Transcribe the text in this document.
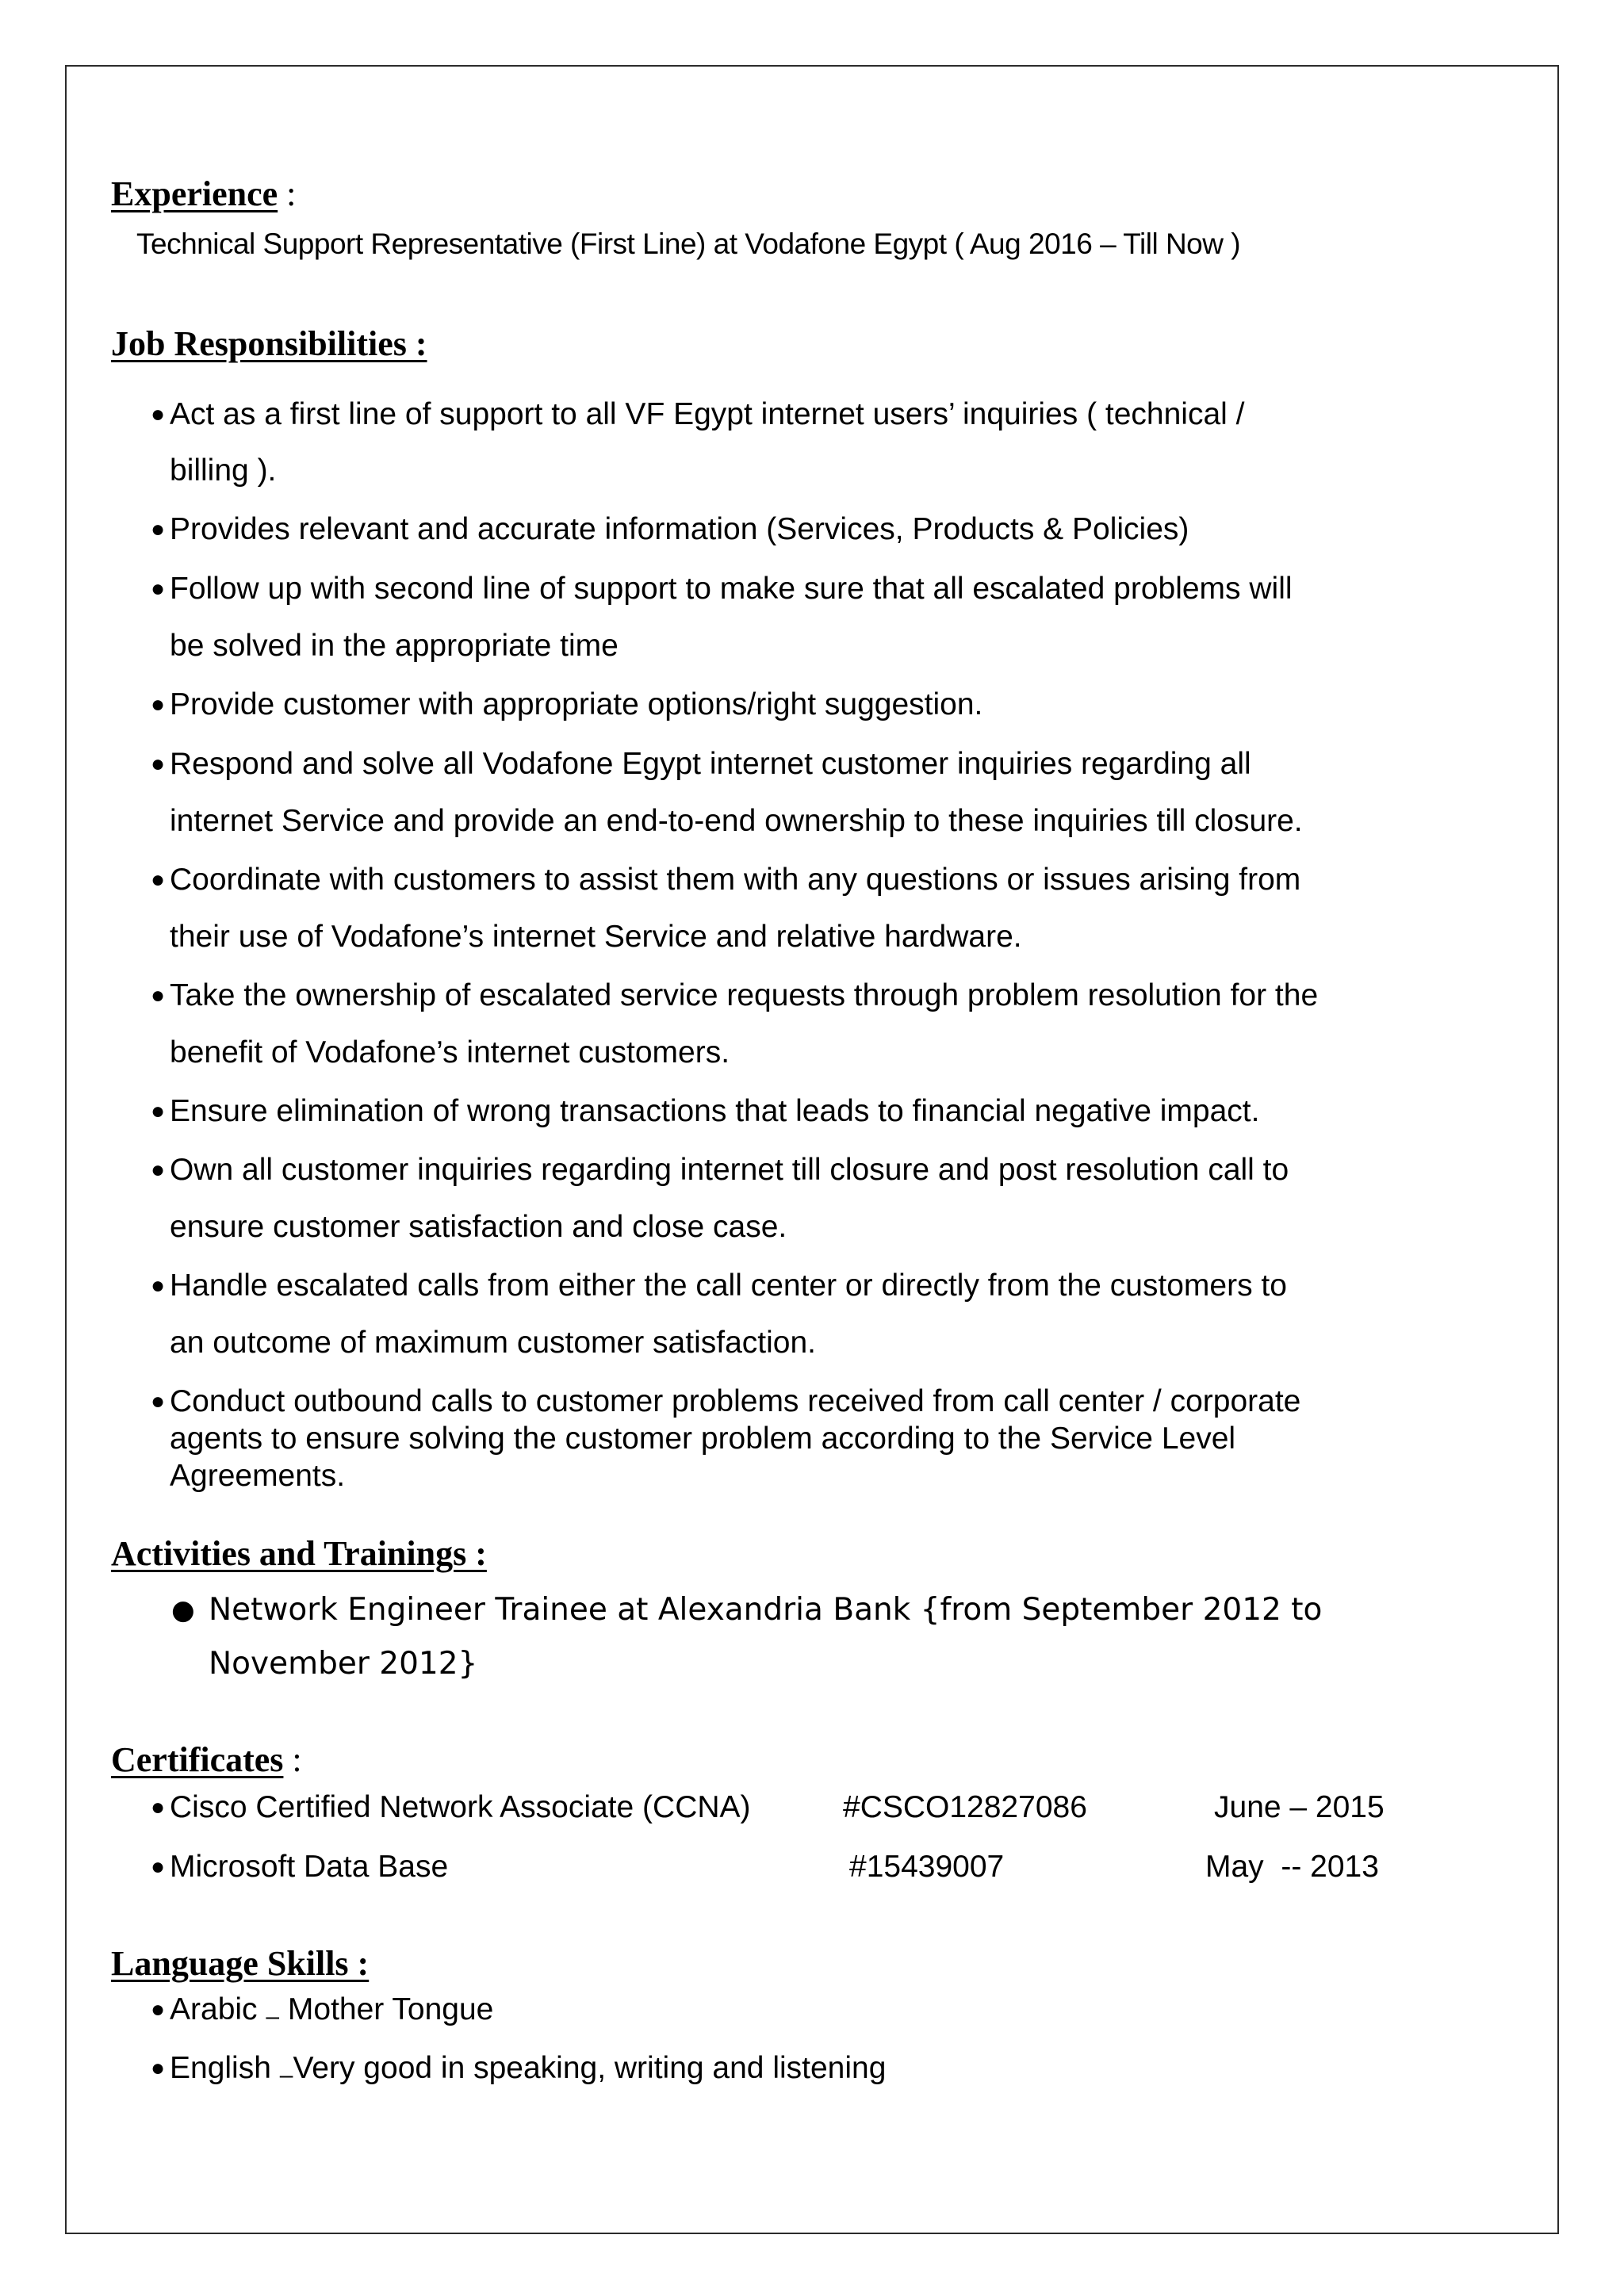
Experience :

Technical Support Representative (First Line) at Vodafone Egypt ( Aug 2016 – Till Now )

Job Responsibilities :
● Act as a first line of support to all VF Egypt internet users’ inquiries ( technical /

billing ).

● Provides relevant and accurate information (Services, Products & Policies)

● Follow up with second line of support to make sure that all escalated problems will

be solved in the appropriate time

● Provide customer with appropriate options/right suggestion.

● Respond and solve all Vodafone Egypt internet customer inquiries regarding all

internet Service and provide an end-to-end ownership to these inquiries till closure.

● Coordinate with customers to assist them with any questions or issues arising from

their use of Vodafone’s internet Service and relative hardware.

● Take the ownership of escalated service requests through problem resolution for the

benefit of Vodafone’s internet customers.

● Ensure elimination of wrong transactions that leads to financial negative impact.

● Own all customer inquiries regarding internet till closure and post resolution call to

ensure customer satisfaction and close case.

● Handle escalated calls from either the call center or directly from the customers to

an outcome of maximum customer satisfaction.

● Conduct outbound calls to customer problems received from call center / corporate

agents to ensure solving the customer problem according to the Service Level

Agreements.

Activities and Trainings :
● Network Engineer Trainee at Alexandria Bank {from September 2012 to

November 2012}

Certificates :
● Cisco Certified Network Associate (CCNA)	#CSCO12827086	June – 2015

● Microsoft Data Base	#15439007	May  -- 2013

Language Skills :
● Arabic – Mother Tongue

● English –Very good in speaking, writing and listening
